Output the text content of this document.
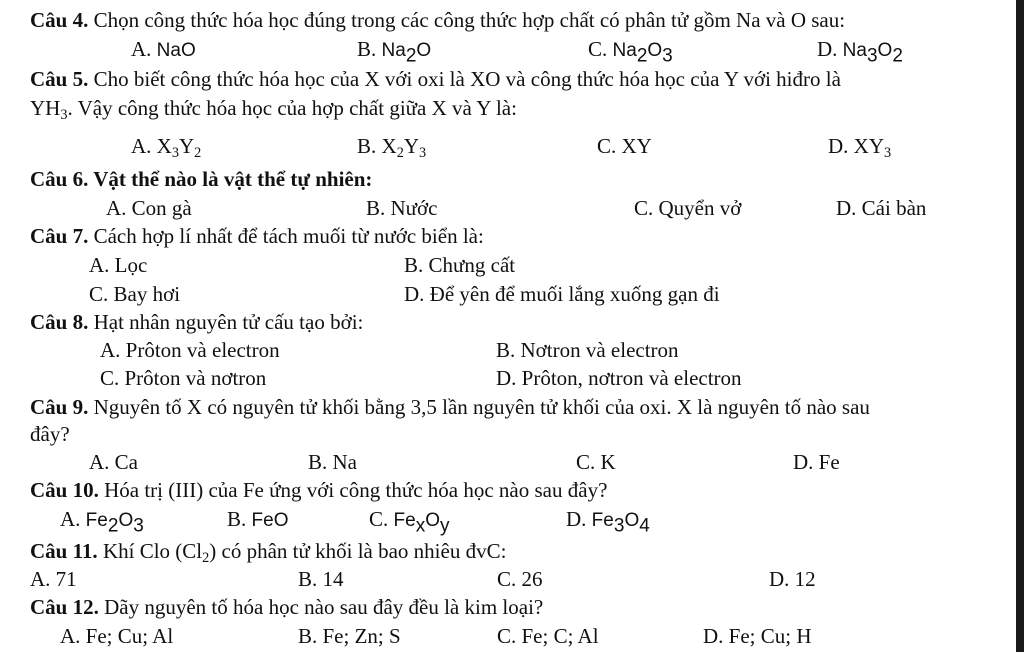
Câu 4. Chọn công thức hóa học đúng trong các công thức hợp chất có phân tử gồm Na và O sau:
A. NaO	B. $Na_2O$	C. $Na_2O_3$	D. $Na_3O_2$
Câu 5. Cho biết công thức hóa học của X với oxi là XO và công thức hóa học của Y với hiđro là
$YH_3$. Vậy công thức hóa học của hợp chất giữa X và Y là:
A. $X_3Y_2$	B. $X_2Y_3$	C. XY	D. $XY_3$
Câu 6. Vật thể nào là vật thể tự nhiên:
A. Con gà	B. Nước	C. Quyển vở	D. Cái bàn
Câu 7. Cách hợp lí nhất để tách muối từ nước biển là:
A. Lọc	B. Chưng cất
C. Bay hơi	D. Để yên để muối lắng xuống gạn đi
Câu 8. Hạt nhân nguyên tử cấu tạo bởi:
A. Prôton và electron	B. Nơtron và electron
C. Prôton và nơtron	D. Prôton, nơtron và electron
Câu 9. Nguyên tố X có nguyên tử khối bằng 3,5 lần nguyên tử khối của oxi. X là nguyên tố nào sau
đây?
A. Ca	B. Na	C. K	D. Fe
Câu 10. Hóa trị (III) của Fe ứng với công thức hóa học nào sau đây?
A. $Fe_2O_3$	B. FeO	C. $Fe_xO_y$	D. $Fe_3O_4$
Câu 11. Khí Clo $(Cl_2)$ có phân tử khối là bao nhiêu đvC:
A. 71	B. 14	C. 26	D. 12
Câu 12. Dãy nguyên tố hóa học nào sau đây đều là kim loại?
A. Fe; Cu; Al	B. Fe; Zn; S	C. Fe; C; Al	D. Fe; Cu; H
